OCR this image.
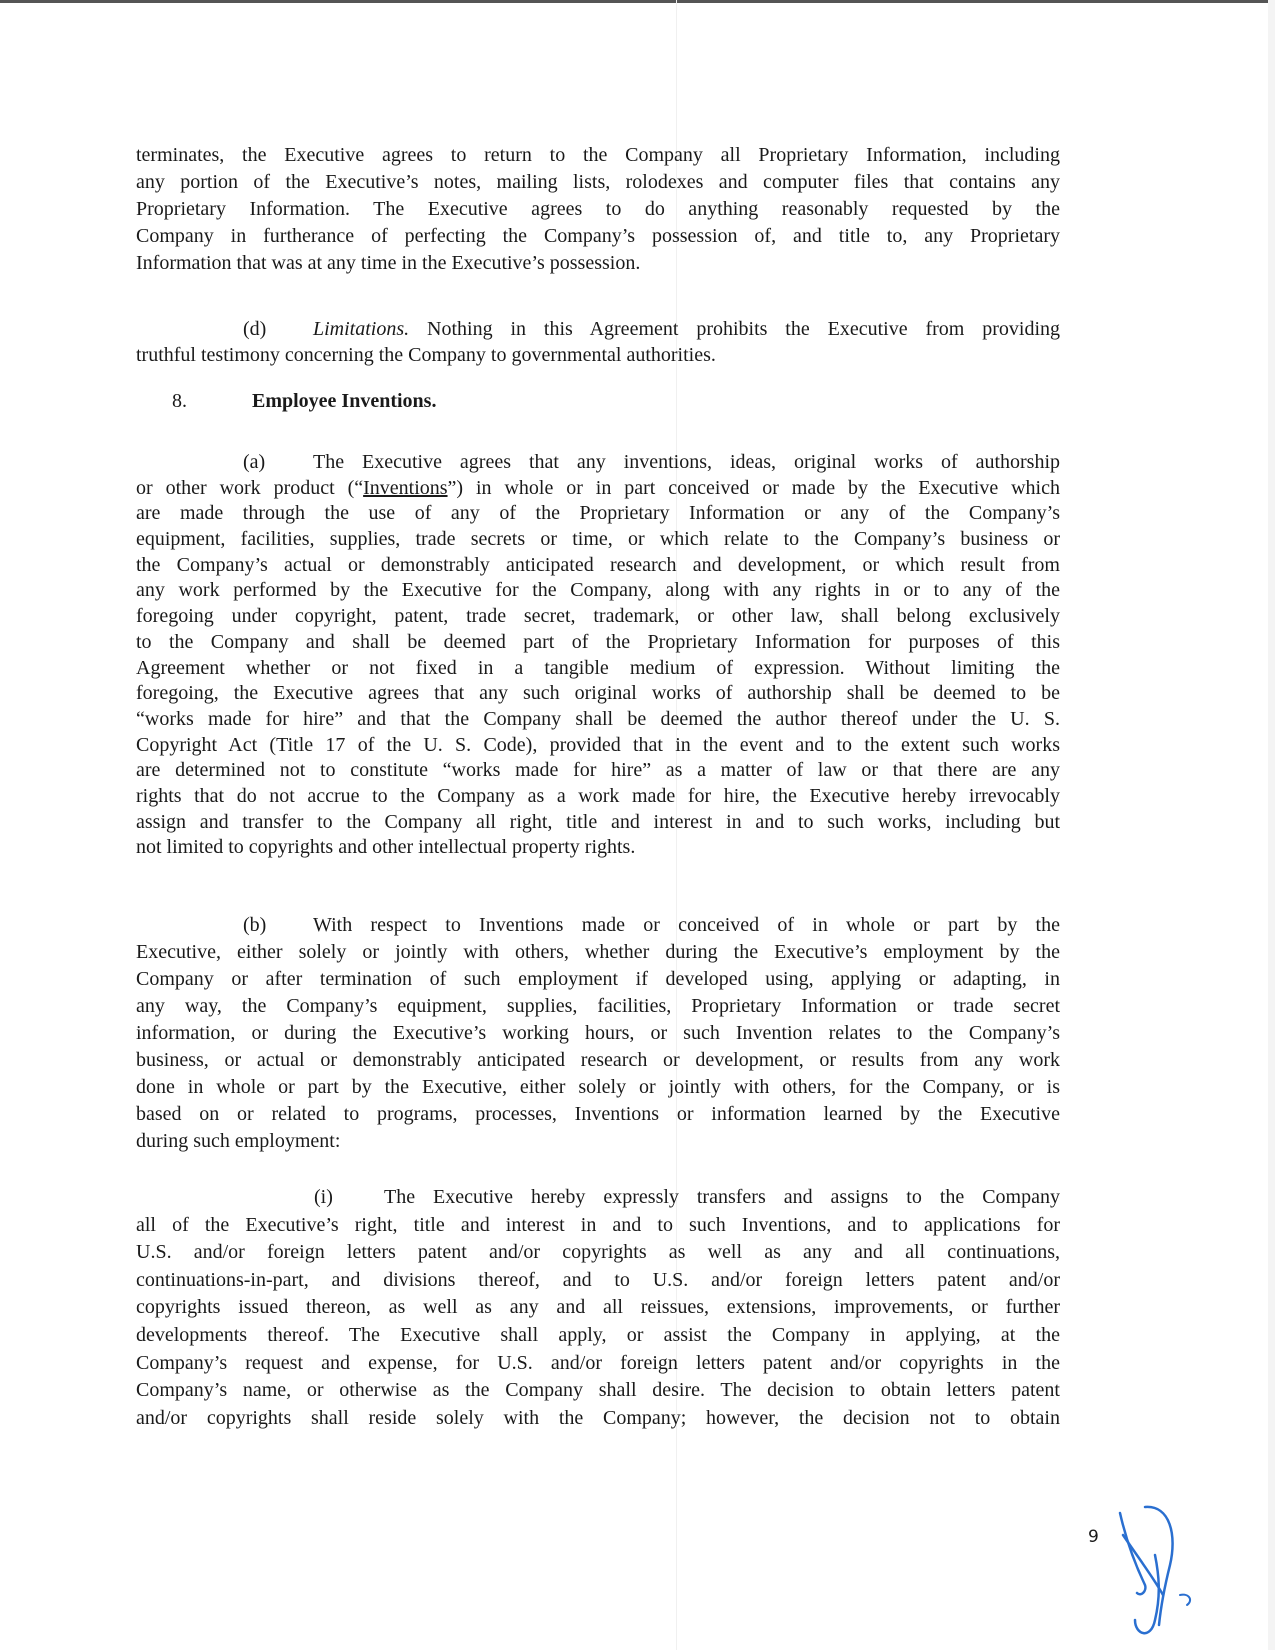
terminates, the Executive agrees to return to the Company all Proprietary Information, including
any portion of the Executive’s notes, mailing lists, rolodexes and computer files that contains any
Proprietary Information. The Executive agrees to do anything reasonably requested by the
Company in furtherance of perfecting the Company’s possession of, and title to, any Proprietary
Information that was at any time in the Executive’s possession.
(d) Limitations. Nothing in this Agreement prohibits the Executive from providing
truthful testimony concerning the Company to governmental authorities.
8.	Employee Inventions.
(a) The Executive agrees that any inventions, ideas, original works of authorship
or other work product (“Inventions”) in whole or in part conceived or made by the Executive which
are made through the use of any of the Proprietary Information or any of the Company’s
equipment, facilities, supplies, trade secrets or time, or which relate to the Company’s business or
the Company’s actual or demonstrably anticipated research and development, or which result from
any work performed by the Executive for the Company, along with any rights in or to any of the
foregoing under copyright, patent, trade secret, trademark, or other law, shall belong exclusively
to the Company and shall be deemed part of the Proprietary Information for purposes of this
Agreement whether or not fixed in a tangible medium of expression. Without limiting the
foregoing, the Executive agrees that any such original works of authorship shall be deemed to be
“works made for hire” and that the Company shall be deemed the author thereof under the U. S.
Copyright Act (Title 17 of the U. S. Code), provided that in the event and to the extent such works
are determined not to constitute “works made for hire” as a matter of law or that there are any
rights that do not accrue to the Company as a work made for hire, the Executive hereby irrevocably
assign and transfer to the Company all right, title and interest in and to such works, including but
not limited to copyrights and other intellectual property rights.
(b) With respect to Inventions made or conceived of in whole or part by the
Executive, either solely or jointly with others, whether during the Executive’s employment by the
Company or after termination of such employment if developed using, applying or adapting, in
any way, the Company’s equipment, supplies, facilities, Proprietary Information or trade secret
information, or during the Executive’s working hours, or such Invention relates to the Company’s
business, or actual or demonstrably anticipated research or development, or results from any work
done in whole or part by the Executive, either solely or jointly with others, for the Company, or is
based on or related to programs, processes, Inventions or information learned by the Executive
during such employment:
(i)	The Executive hereby expressly transfers and assigns to the Company
all of the Executive’s right, title and interest in and to such Inventions, and to applications for
U.S. and/or foreign letters patent and/or copyrights as well as any and all continuations,
continuations-in-part, and divisions thereof, and to U.S. and/or foreign letters patent and/or
copyrights issued thereon, as well as any and all reissues, extensions, improvements, or further
developments thereof. The Executive shall apply, or assist the Company in applying, at the
Company’s request and expense, for U.S. and/or foreign letters patent and/or copyrights in the
Company’s name, or otherwise as the Company shall desire. The decision to obtain letters patent
and/or copyrights shall reside solely with the Company; however, the decision not to obtain
9
